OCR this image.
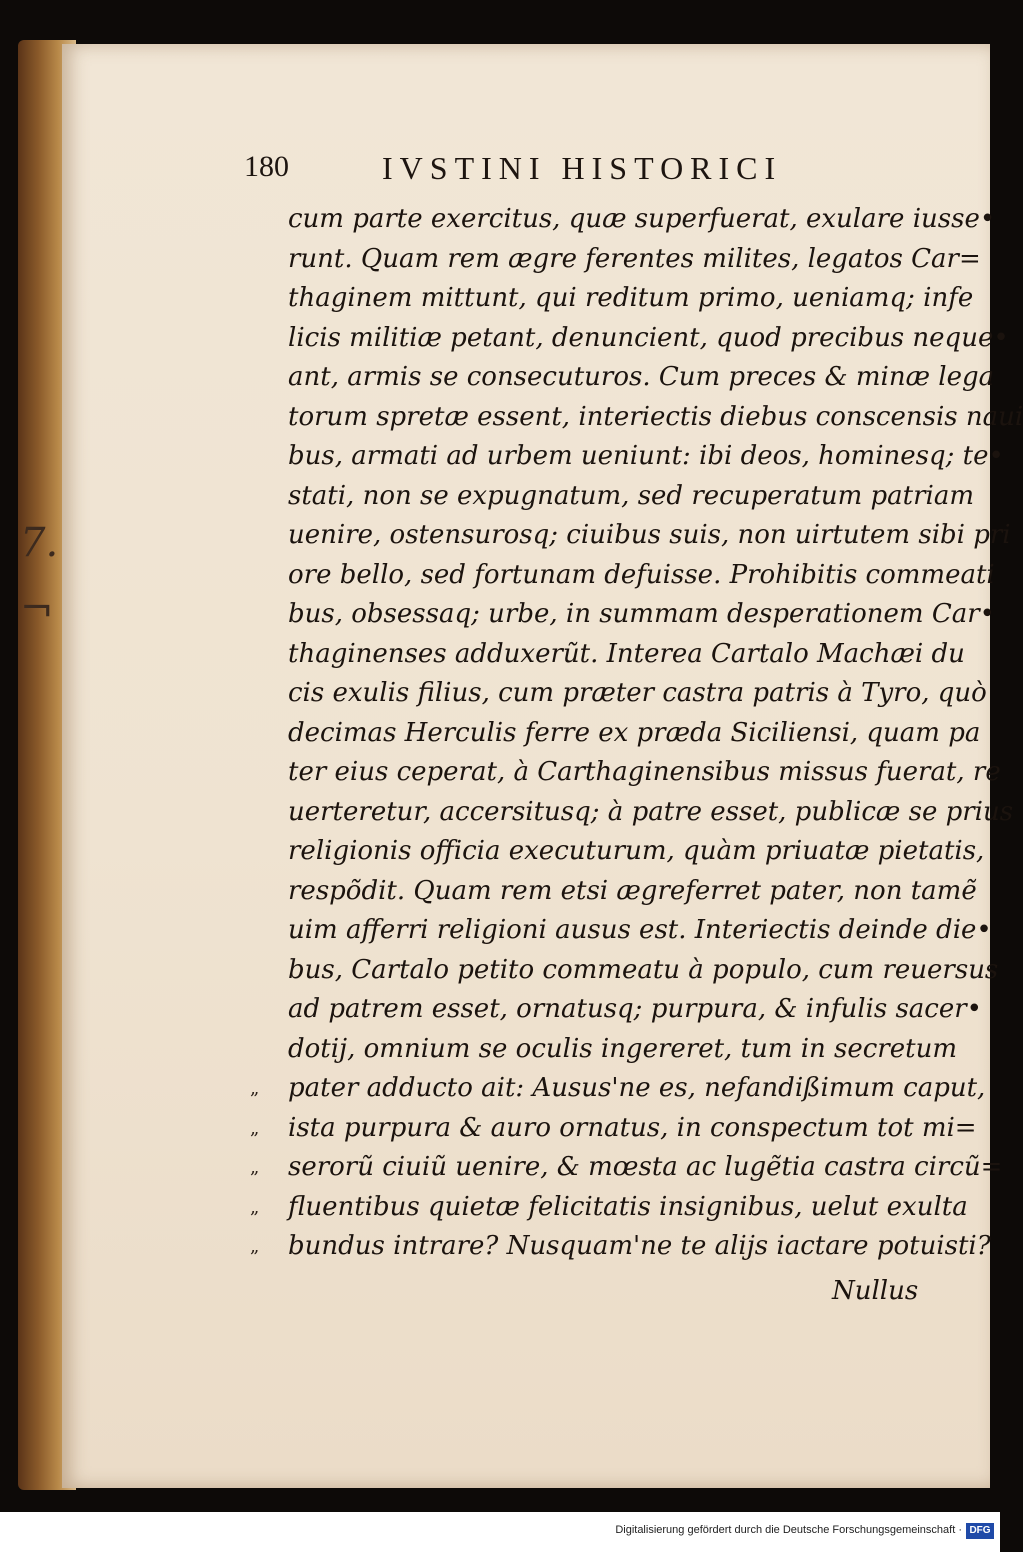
7.
¬
180	IVSTINI HISTORICI
cum parte exercitus, quæ superfuerat, exulare iusse•
runt. Quam rem ægre ferentes milites, legatos Car=
thaginem mittunt, qui reditum primo, ueniamq; infe
licis militiæ petant, denuncient, quod precibus neque•
ant, armis se consecuturos. Cum preces & minæ lega
torum spretæ essent, interiectis diebus conscensis naui
bus, armati ad urbem ueniunt: ibi deos, hominesq; te•
stati, non se expugnatum, sed recuperatum patriam
uenire, ostensurosq; ciuibus suis, non uirtutem sibi pri
ore bello, sed fortunam defuisse. Prohibitis commeati
bus, obsessaq; urbe, in summam desperationem Car•
thaginenses adduxerũt. Interea Cartalo Machæi du
cis exulis filius, cum præter castra patris à Tyro, quò
decimas Herculis ferre ex præda Siciliensi, quam pa
ter eius ceperat, à Carthaginensibus missus fuerat, re
uerteretur, accersitusq; à patre esset, publicæ se prius
religionis officia executurum, quàm priuatæ pietatis,
respõdit. Quam rem etsi ægreferret pater, non tamẽ
uim afferri religioni ausus est. Interiectis deinde die•
bus, Cartalo petito commeatu à populo, cum reuersus
ad patrem esset, ornatusq; purpura, & infulis sacer•
dotij, omnium se oculis ingereret, tum in secretum
„	pater adducto ait: Ausus'ne es, nefandißimum caput,
„	ista purpura & auro ornatus, in conspectum tot mi=
„	serorũ ciuiũ uenire, & mœsta ac lugẽtia castra circũ=
„	fluentibus quietæ felicitatis insignibus, uelut exulta
„	bundus intrare? Nusquam'ne te alijs iactare potuisti?
Nullus
Digitalisierung gefördert durch die Deutsche Forschungsgemeinschaft · DFG
